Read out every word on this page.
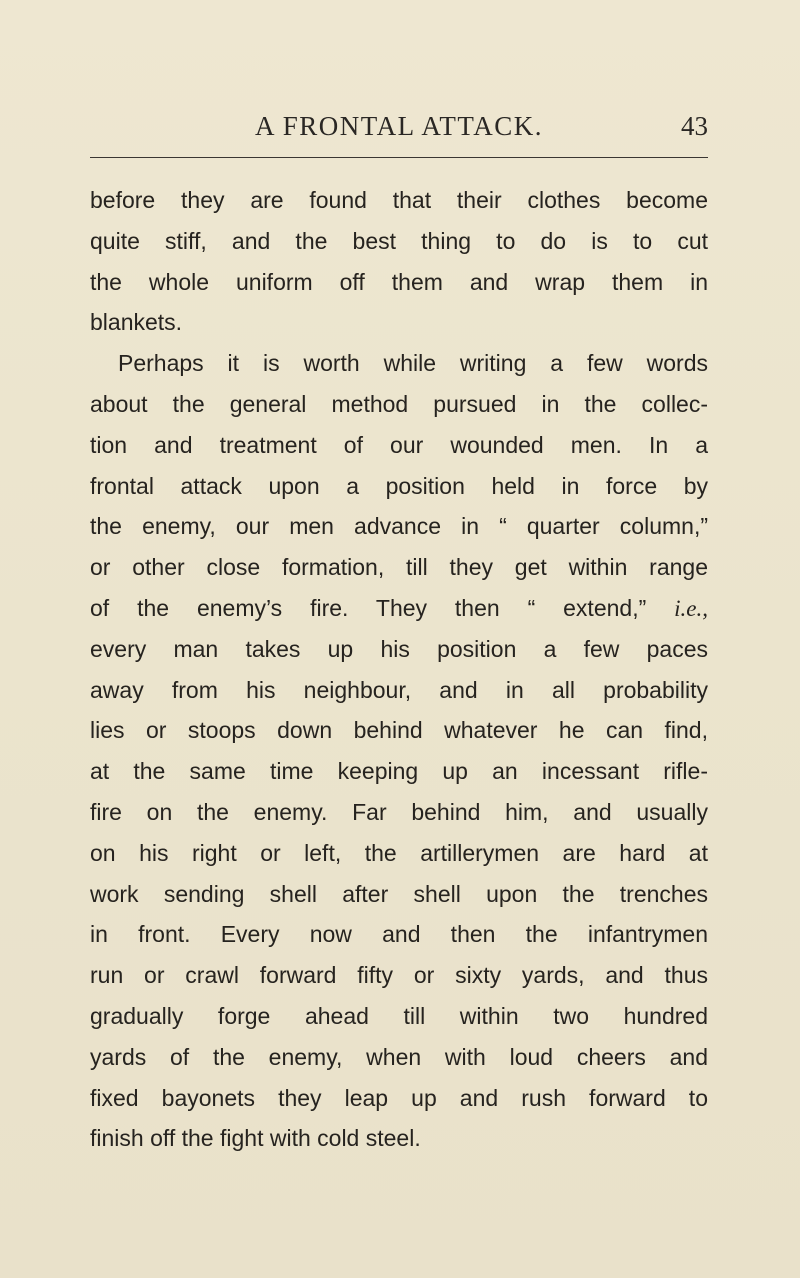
A FRONTAL ATTACK.	43
before they are found that their clothes become
quite stiff, and the best thing to do is to cut
the whole uniform off them and wrap them in
blankets.
Perhaps it is worth while writing a few words
about the general method pursued in the collec-
tion and treatment of our wounded men. In a
frontal attack upon a position held in force by
the enemy, our men advance in “ quarter column,”
or other close formation, till they get within range
of the enemy’s fire. They then “ extend,” i.e.,
every man takes up his position a few paces
away from his neighbour, and in all probability
lies or stoops down behind whatever he can find,
at the same time keeping up an incessant rifle-
fire on the enemy. Far behind him, and usually
on his right or left, the artillerymen are hard at
work sending shell after shell upon the trenches
in front. Every now and then the infantrymen
run or crawl forward fifty or sixty yards, and thus
gradually forge ahead till within two hundred
yards of the enemy, when with loud cheers and
fixed bayonets they leap up and rush forward to
finish off the fight with cold steel.
